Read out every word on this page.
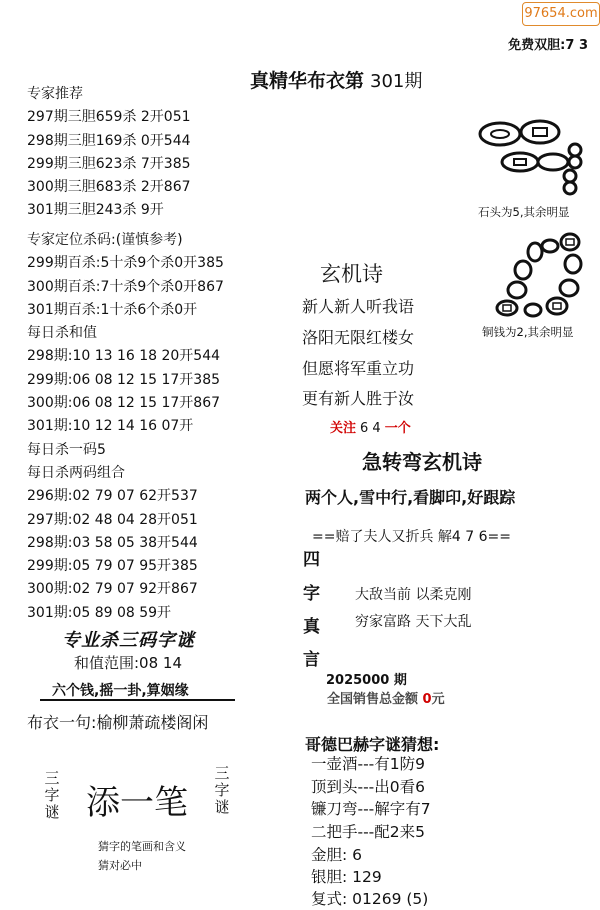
97654.com
免费双胆:7 3
真精华布衣第 301期
专家推荐
297期三胆659杀 2开051
298期三胆169杀 0开544
299期三胆623杀 7开385
300期三胆683杀 2开867
301期三胆243杀 9开
专家定位杀码:(谨慎参考)
299期百杀:5十杀9个杀0开385
300期百杀:7十杀9个杀0开867
301期百杀:1十杀6个杀0开
每日杀和值
298期:10 13 16 18 20开544
299期:06 08 12 15 17开385
300期:06 08 12 15 17开867
301期:10 12 14 16 07开
每日杀一码5
每日杀两码组合
296期:02 79 07 62开537
297期:02 48 04 28开051
298期:03 58 05 38开544
299期:05 79 07 95开385
300期:02 79 07 92开867
301期:05 89 08 59开
专业杀三码字谜
和值范围:08 14
六个钱,摇一卦,算姻缘
布衣一句:榆柳萧疏楼阁闲
三字谜 添一笔
三字谜
猜字的笔画和含义
猜对必中
石头为5,其余明显
铜钱为2,其余明显
玄机诗
新人新人听我语
洛阳无限红楼女
但愿将军重立功
更有新人胜于汝
关注 6 4 一个
急转弯玄机诗
两个人,雪中行,看脚印,好跟踪
==赔了夫人又折兵 解4 7 6==
四
字
真
言
大敌当前 以柔克刚
穷家富路 天下大乱
2025000 期
全国销售总金额 0元
哥德巴赫字谜猜想:
一壶酒---有1防9
顶到头---出0看6
镰刀弯---解字有7
二把手---配2来5
金胆: 6
银胆: 129
复式: 01269 (5)
